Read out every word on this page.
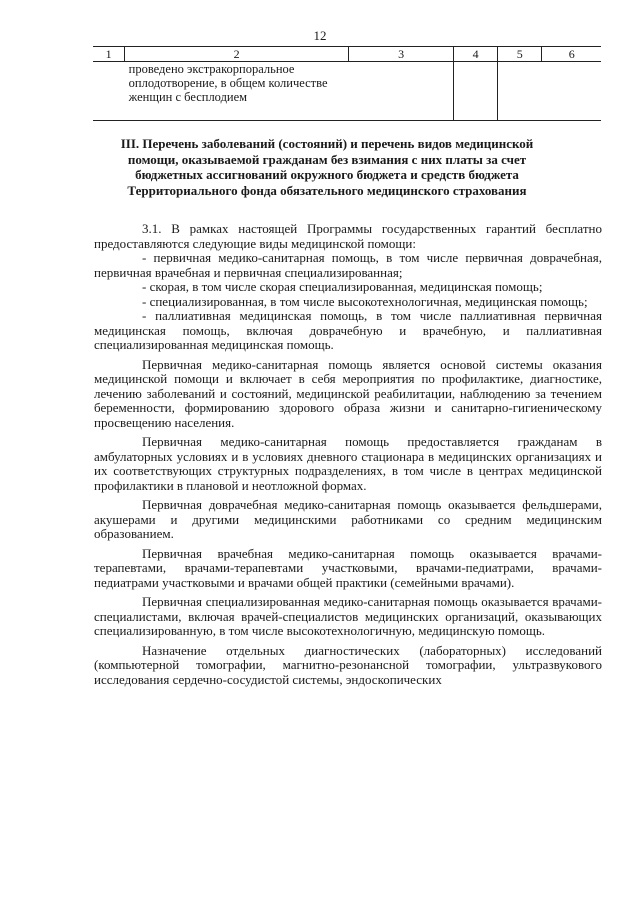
12
1	2	3	4	5	6
	проведено экстракорпоральное оплодотворение, в общем количестве женщин с бесплодием				
III. Перечень заболеваний (состояний) и перечень видов медицинской помощи, оказываемой гражданам без взимания с них платы за счет бюджетных ассигнований окружного бюджета и средств бюджета Территориального фонда обязательного медицинского страхования

3.1. В рамках настоящей Программы государственных гарантий бесплатно предоставляются следующие виды медицинской помощи:

- первичная медико-санитарная помощь, в том числе первичная доврачебная, первичная врачебная и первичная специализированная;

- скорая, в том числе скорая специализированная, медицинская помощь;

- специализированная, в том числе высокотехнологичная, медицинская помощь;

- паллиативная медицинская помощь, в том числе паллиативная первичная медицинская помощь, включая доврачебную и врачебную, и паллиативная специализированная медицинская помощь.

Первичная медико-санитарная помощь является основой системы оказания медицинской помощи и включает в себя мероприятия по профилактике, диагностике, лечению заболеваний и состояний, медицинской реабилитации, наблюдению за течением беременности, формированию здорового образа жизни и санитарно-гигиеническому просвещению населения.

Первичная медико-санитарная помощь предоставляется гражданам в амбулаторных условиях и в условиях дневного стационара в медицинских организациях и их соответствующих структурных подразделениях, в том числе в центрах медицинской профилактики в плановой и неотложной формах.

Первичная доврачебная медико-санитарная помощь оказывается фельдшерами, акушерами и другими медицинскими работниками со средним медицинским образованием.

Первичная врачебная медико-санитарная помощь оказывается врачами-терапевтами, врачами-терапевтами участковыми, врачами-педиатрами, врачами-педиатрами участковыми и врачами общей практики (семейными врачами).

Первичная специализированная медико-санитарная помощь оказывается врачами-специалистами, включая врачей-специалистов медицинских организаций, оказывающих специализированную, в том числе высокотехнологичную, медицинскую помощь.

Назначение отдельных диагностических (лабораторных) исследований (компьютерной томографии, магнитно-резонансной томографии, ультразвукового исследования сердечно-сосудистой системы, эндоскопических
